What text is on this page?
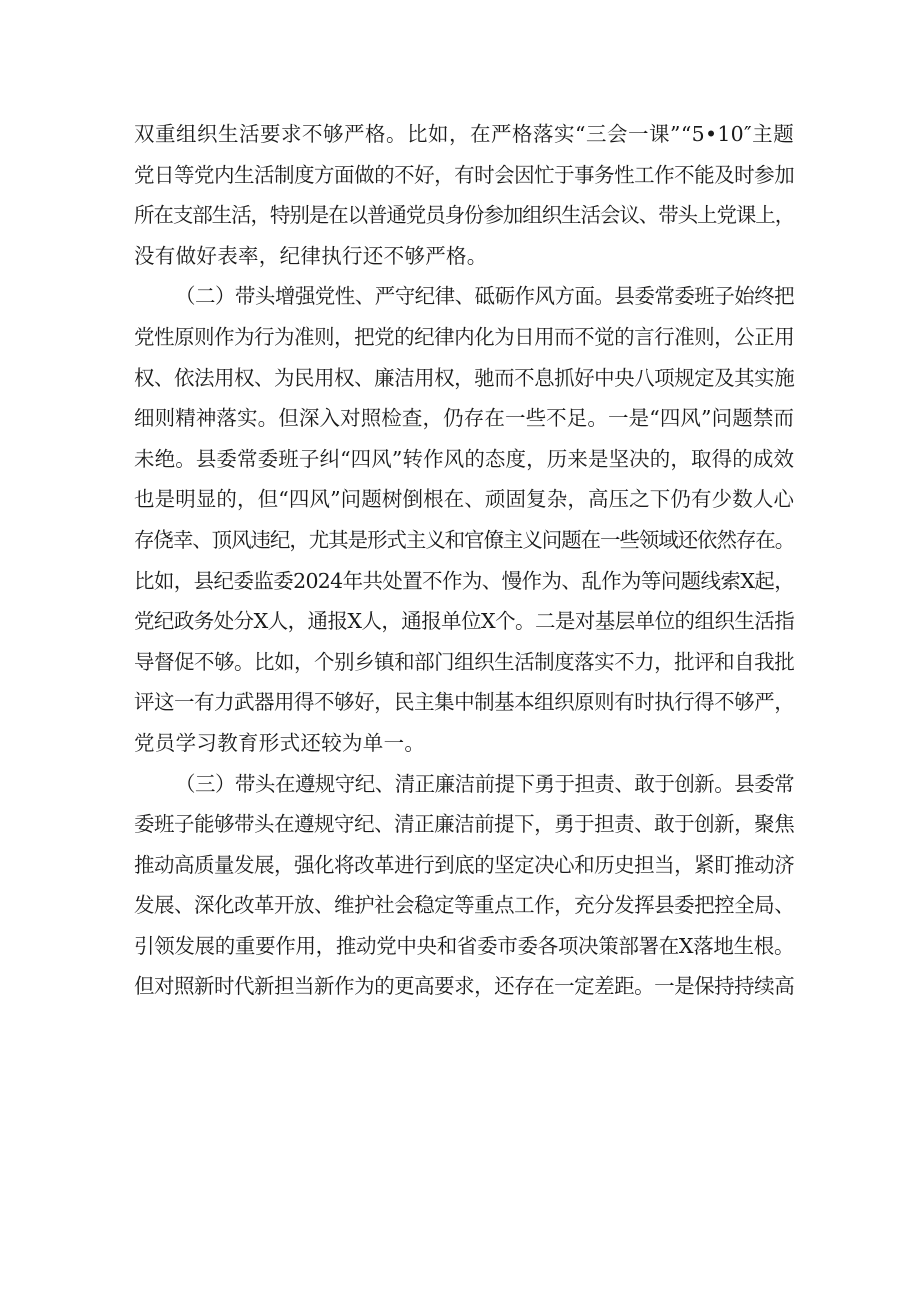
双重组织生活要求不够严格。比如，在严格落实“三会一课”“5•10″主题
党日等党内生活制度方面做的不好，有时会因忙于事务性工作不能及时参加
所在支部生活，特别是在以普通党员身份参加组织生活会议、带头上党课上，
没有做好表率，纪律执行还不够严格。
（二）带头增强党性、严守纪律、砥砺作风方面。县委常委班子始终把
党性原则作为行为准则，把党的纪律内化为日用而不觉的言行准则，公正用
权、依法用权、为民用权、廉洁用权，驰而不息抓好中央八项规定及其实施
细则精神落实。但深入对照检查，仍存在一些不足。一是“四风”问题禁而
未绝。县委常委班子纠“四风”转作风的态度，历来是坚决的，取得的成效
也是明显的，但“四风”问题树倒根在、顽固复杂，高压之下仍有少数人心
存侥幸、顶风违纪，尤其是形式主义和官僚主义问题在一些领域还依然存在。
比如，县纪委监委2024年共处置不作为、慢作为、乱作为等问题线索X起，
党纪政务处分X人，通报X人，通报单位X个。二是对基层单位的组织生活指
导督促不够。比如，个别乡镇和部门组织生活制度落实不力，批评和自我批
评这一有力武器用得不够好，民主集中制基本组织原则有时执行得不够严，
党员学习教育形式还较为单一。
（三）带头在遵规守纪、清正廉洁前提下勇于担责、敢于创新。县委常
委班子能够带头在遵规守纪、清正廉洁前提下，勇于担责、敢于创新，聚焦
推动高质量发展，强化将改革进行到底的坚定决心和历史担当，紧盯推动济
发展、深化改革开放、维护社会稳定等重点工作，充分发挥县委把控全局、
引领发展的重要作用，推动党中央和省委市委各项决策部署在X落地生根。
但对照新时代新担当新作为的更高要求，还存在一定差距。一是保持持续高
